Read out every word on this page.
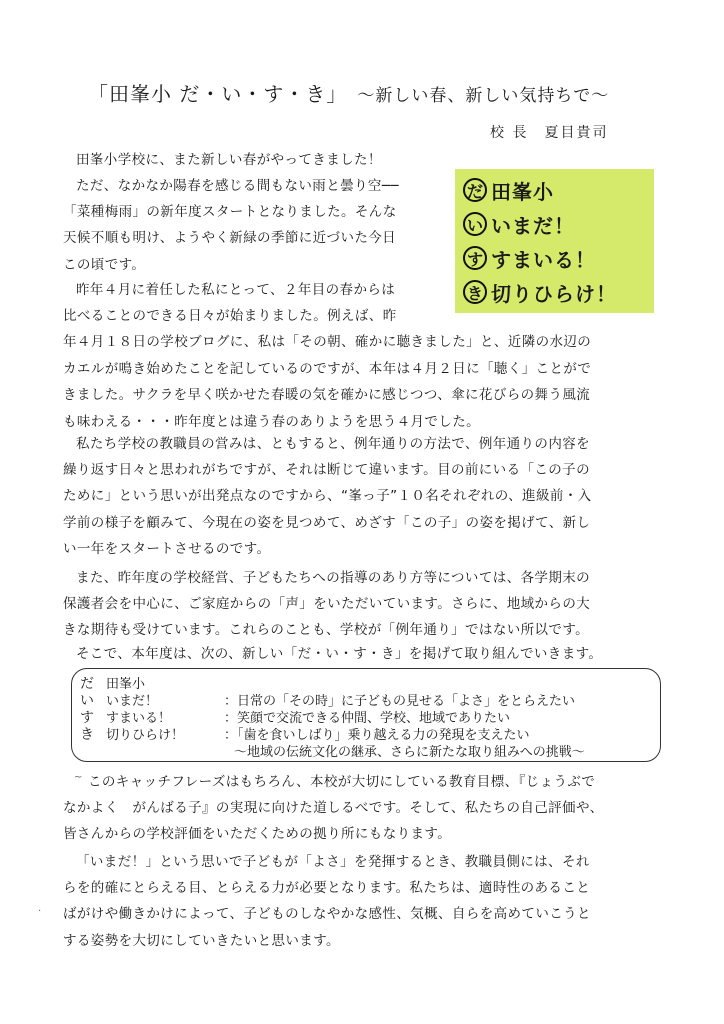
「田峯小 だ・い・す・き」 ～新しい春、新しい気持ちで～
校 長　夏目貴司
だ 田峯小
い いまだ！
す すまいる！
き 切りひらけ！

田峯小学校に、また新しい春がやってきました！

ただ、なかなか陽春を感じる間もない雨と曇り空──
「菜種梅雨」の新年度スタートとなりました。そんな
天候不順も明け、ようやく新緑の季節に近づいた今日
この頃です。
昨年４月に着任した私にとって、２年目の春からは
比べることのできる日々が始まりました。例えば、昨
年４月１８日の学校ブログに、私は「その朝、確かに聴きました」と、近隣の水辺の
カエルが鳴き始めたことを記しているのですが、本年は４月２日に「聴く」ことがで
きました。サクラを早く咲かせた春暖の気を確かに感じつつ、傘に花びらの舞う風流
も味わえる・・・昨年度とは違う春のありようを思う４月でした。
私たち学校の教職員の営みは、ともすると、例年通りの方法で、例年通りの内容を
繰り返す日々と思われがちですが、それは断じて違います。目の前にいる「この子の
ために」という思いが出発点なのですから、“峯っ子”１０名それぞれの、進級前・入
学前の様子を顧みて、今現在の姿を見つめて、めざす「この子」の姿を掲げて、新し
い一年をスタートさせるのです。
また、昨年度の学校経営、子どもたちへの指導のあり方等については、各学期末の
保護者会を中心に、ご家庭からの「声」をいただいています。さらに、地域からの大
きな期待も受けています。これらのことも、学校が「例年通り」ではない所以です。

そこで、本年度は、次の、新しい「だ・い・す・き」を掲げて取り組んでいきます。

だ 田峯小
い いまだ！	：日常の「その時」に子どもの見せる「よさ」をとらえたい
す すまいる！	：笑顔で交流できる仲間、学校、地域でありたい
き 切りひらけ！	：「歯を食いしばり」乗り越える力の発現を支えたい
～地域の伝統文化の継承、さらに新たな取り組みへの挑戦～
このキャッチフレーズはもちろん、本校が大切にしている教育目標、『じょうぶで
なかよく　がんばる子』の実現に向けた道しるべです。そして、私たちの自己評価や、
皆さんからの学校評価をいただくための拠り所にもなります。
「いまだ！」という思いで子どもが「よさ」を発揮するとき、教職員側には、それ
らを的確にとらえる目、とらえる力が必要となります。私たちは、適時性のあること
ばがけや働きかけによって、子どものしなやかな感性、気概、自らを高めていこうと
する姿勢を大切にしていきたいと思います。
~
·
